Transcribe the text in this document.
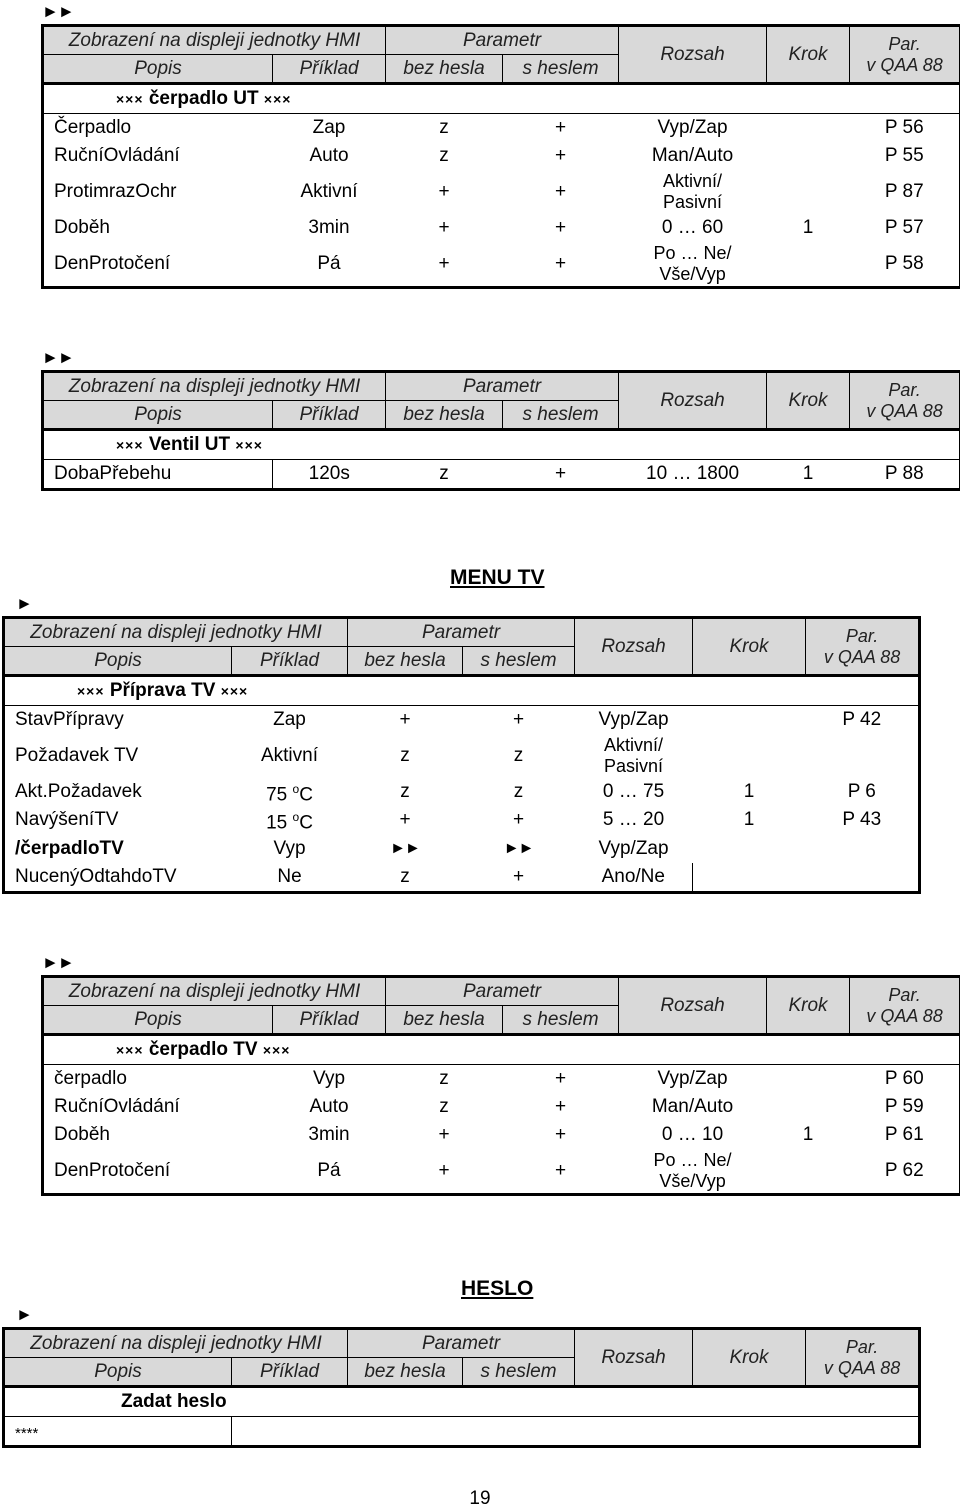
►►
Zobrazení na displeji jednotky HMI		Parametr		Rozsah	Krok	Par.
v QAA 88
Popis	Příklad	bez hesla	s heslem			

××× čerpadlo UT ×××						
Čerpadlo	Zap	z	+	Vyp/Zap		P 56
RučníOvládání	Auto	z	+	Man/Auto		P 55
ProtimrazOchr	Aktivní	+	+	Aktivní/
Pasivní		P 87
Doběh	3min	+	+	0 … 60	1	P 57
DenProtočení	Pá	+	+	Po … Ne/
Vše/Vyp		P 58
►►
Zobrazení na displeji jednotky HMI		Parametr		Rozsah	Krok	Par.
v QAA 88
Popis	Příklad	bez hesla	s heslem			

××× Ventil UT ×××						
DobaPřebehu	120s	z	+	10 … 1800	1	P 88
MENU TV
►
Zobrazení na displeji jednotky HMI		Parametr		Rozsah	Krok	Par.
v QAA 88
Popis	Příklad	bez hesla	s heslem			

××× Příprava TV ×××						
StavPřípravy	Zap	+	+	Vyp/Zap		P 42
Požadavek TV	Aktivní	z	z	Aktivní/
Pasivní		
Akt.Požadavek	75 $^o$C	z	z	0 … 75	1	P 6
NavýšeníTV	15 $^o$C	+	+	5 … 20	1	P 43
/čerpadloTV	Vyp	►►	►►	Vyp/Zap		
NucenýOdtahdoTV	Ne	z	+	Ano/Ne		
►►
Zobrazení na displeji jednotky HMI		Parametr		Rozsah	Krok	Par.
v QAA 88
Popis	Příklad	bez hesla	s heslem			

××× čerpadlo TV ×××						
čerpadlo	Vyp	z	+	Vyp/Zap		P 60
RučníOvládání	Auto	z	+	Man/Auto		P 59
Doběh	3min	+	+	0 … 10	1	P 61
DenProtočení	Pá	+	+	Po … Ne/
Vše/Vyp		P 62
HESLO
►
Zobrazení na displeji jednotky HMI		Parametr		Rozsah	Krok	Par.
v QAA 88
Popis	Příklad	bez hesla	s heslem			

Zadat heslo						
****						
19
